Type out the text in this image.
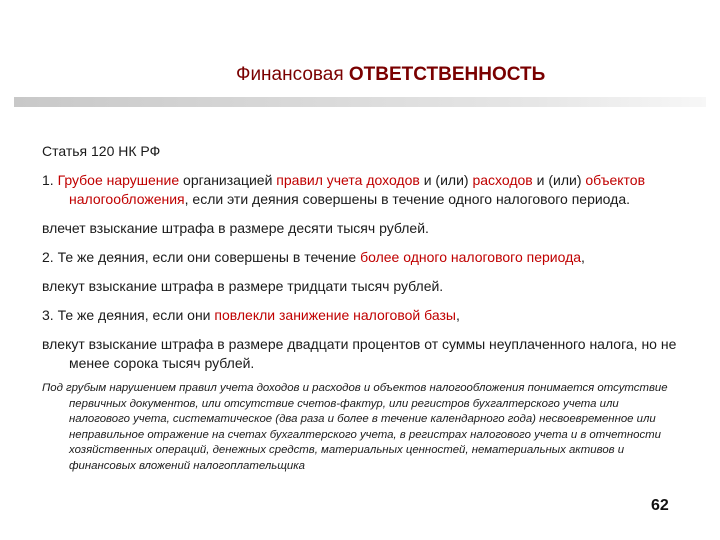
Финансовая ОТВЕТСТВЕННОСТЬ
Статья 120 НК РФ
1. Грубое нарушение организацией правил учета доходов и (или) расходов и (или) объектов налогообложения, если эти деяния совершены в течение одного налогового периода.
влечет взыскание штрафа в размере десяти тысяч рублей.
2. Те же деяния, если они совершены в течение более одного налогового периода,
влекут взыскание штрафа в размере тридцати тысяч рублей.
3. Те же деяния, если они повлекли занижение налоговой базы,
влекут взыскание штрафа в размере двадцати процентов от суммы неуплаченного налога, но не менее сорока тысяч рублей.
Под грубым нарушением правил учета доходов и расходов и объектов налогообложения понимается отсутствие первичных документов, или отсутствие счетов-фактур, или регистров бухгалтерского учета или налогового учета, систематическое (два раза и более в течение календарного года) несвоевременное или неправильное отражение на счетах бухгалтерского учета, в регистрах налогового учета и в отчетности хозяйственных операций, денежных средств, материальных ценностей, нематериальных активов и финансовых вложений налогоплательщика
62
